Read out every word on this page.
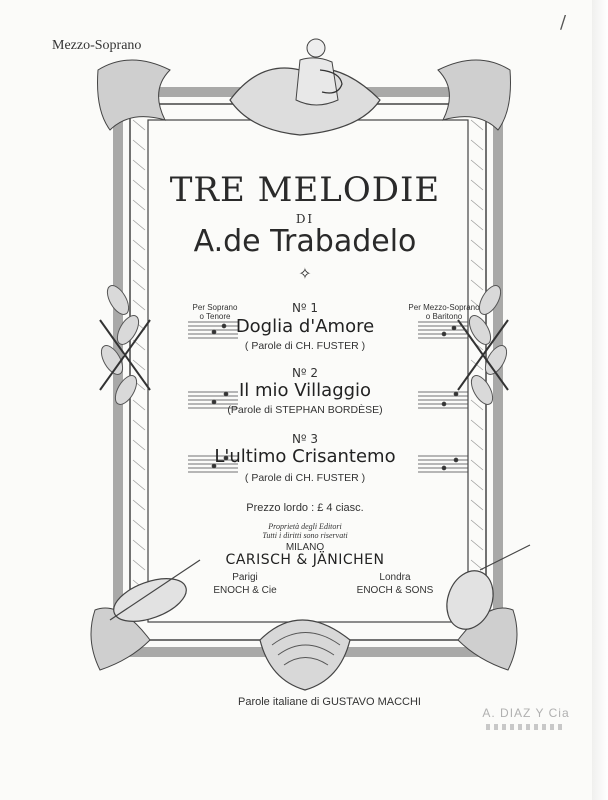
Mezzo-Soprano
/
TRE MELODIE
DI
A.de Trabadelo
✧
Per Soprano
o Tenore
Per Mezzo-Soprano
o Baritono
Nº 1
Doglia d'Amore
( Parole di CH. FUSTER )
Nº 2
Il mio Villaggio
(Parole di STEPHAN BORDÈSE)
Nº 3
L'ultimo Crisantemo
( Parole di CH. FUSTER )
Prezzo lordo : £ 4 ciasc.
Proprietà degli Editori
Tutti i diritti sono riservati
MILANO
CARISCH & JÄNICHEN
Parigi
ENOCH & Cie
Londra
ENOCH & SONS
Parole italiane di GUSTAVO MACCHI
A. DIAZ Y Cia
